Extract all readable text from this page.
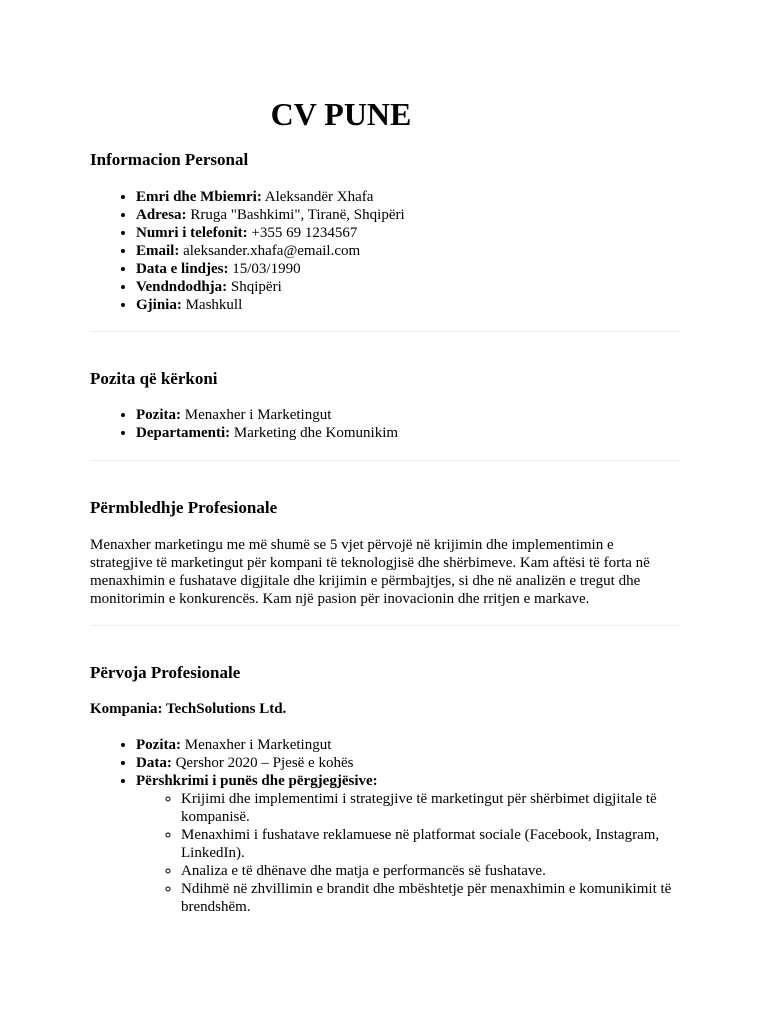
CV PUNE
Informacion Personal
• Emri dhe Mbiemri: Aleksandër Xhafa
• Adresa: Rruga "Bashkimi", Tiranë, Shqipëri
• Numri i telefonit: +355 69 1234567
• Email: aleksander.xhafa@email.com
• Data e lindjes: 15/03/1990
• Vendndodhja: Shqipëri
• Gjinia: Mashkull
Pozita që kërkoni
• Pozita: Menaxher i Marketingut
• Departamenti: Marketing dhe Komunikim
Përmbledhje Profesionale

Menaxher marketingu me më shumë se 5 vjet përvojë në krijimin dhe implementimin e strategjive të marketingut për kompani të teknologjisë dhe shërbimeve. Kam aftësi të forta në menaxhimin e fushatave digjitale dhe krijimin e përmbajtjes, si dhe në analizën e tregut dhe monitorimin e konkurencës. Kam një pasion për inovacionin dhe rritjen e markave.

Përvoja Profesionale

Kompania: TechSolutions Ltd.

• Pozita: Menaxher i Marketingut
• Data: Qershor 2020 – Pjesë e kohës
• Përshkrimi i punës dhe përgjegjësive:
◦ Krijimi dhe implementimi i strategjive të marketingut për shërbimet digjitale të kompanisë.
◦ Menaxhimi i fushatave reklamuese në platformat sociale (Facebook, Instagram, LinkedIn).
◦ Analiza e të dhënave dhe matja e performancës së fushatave.
◦ Ndihmë në zhvillimin e brandit dhe mbështetje për menaxhimin e komunikimit të brendshëm.
